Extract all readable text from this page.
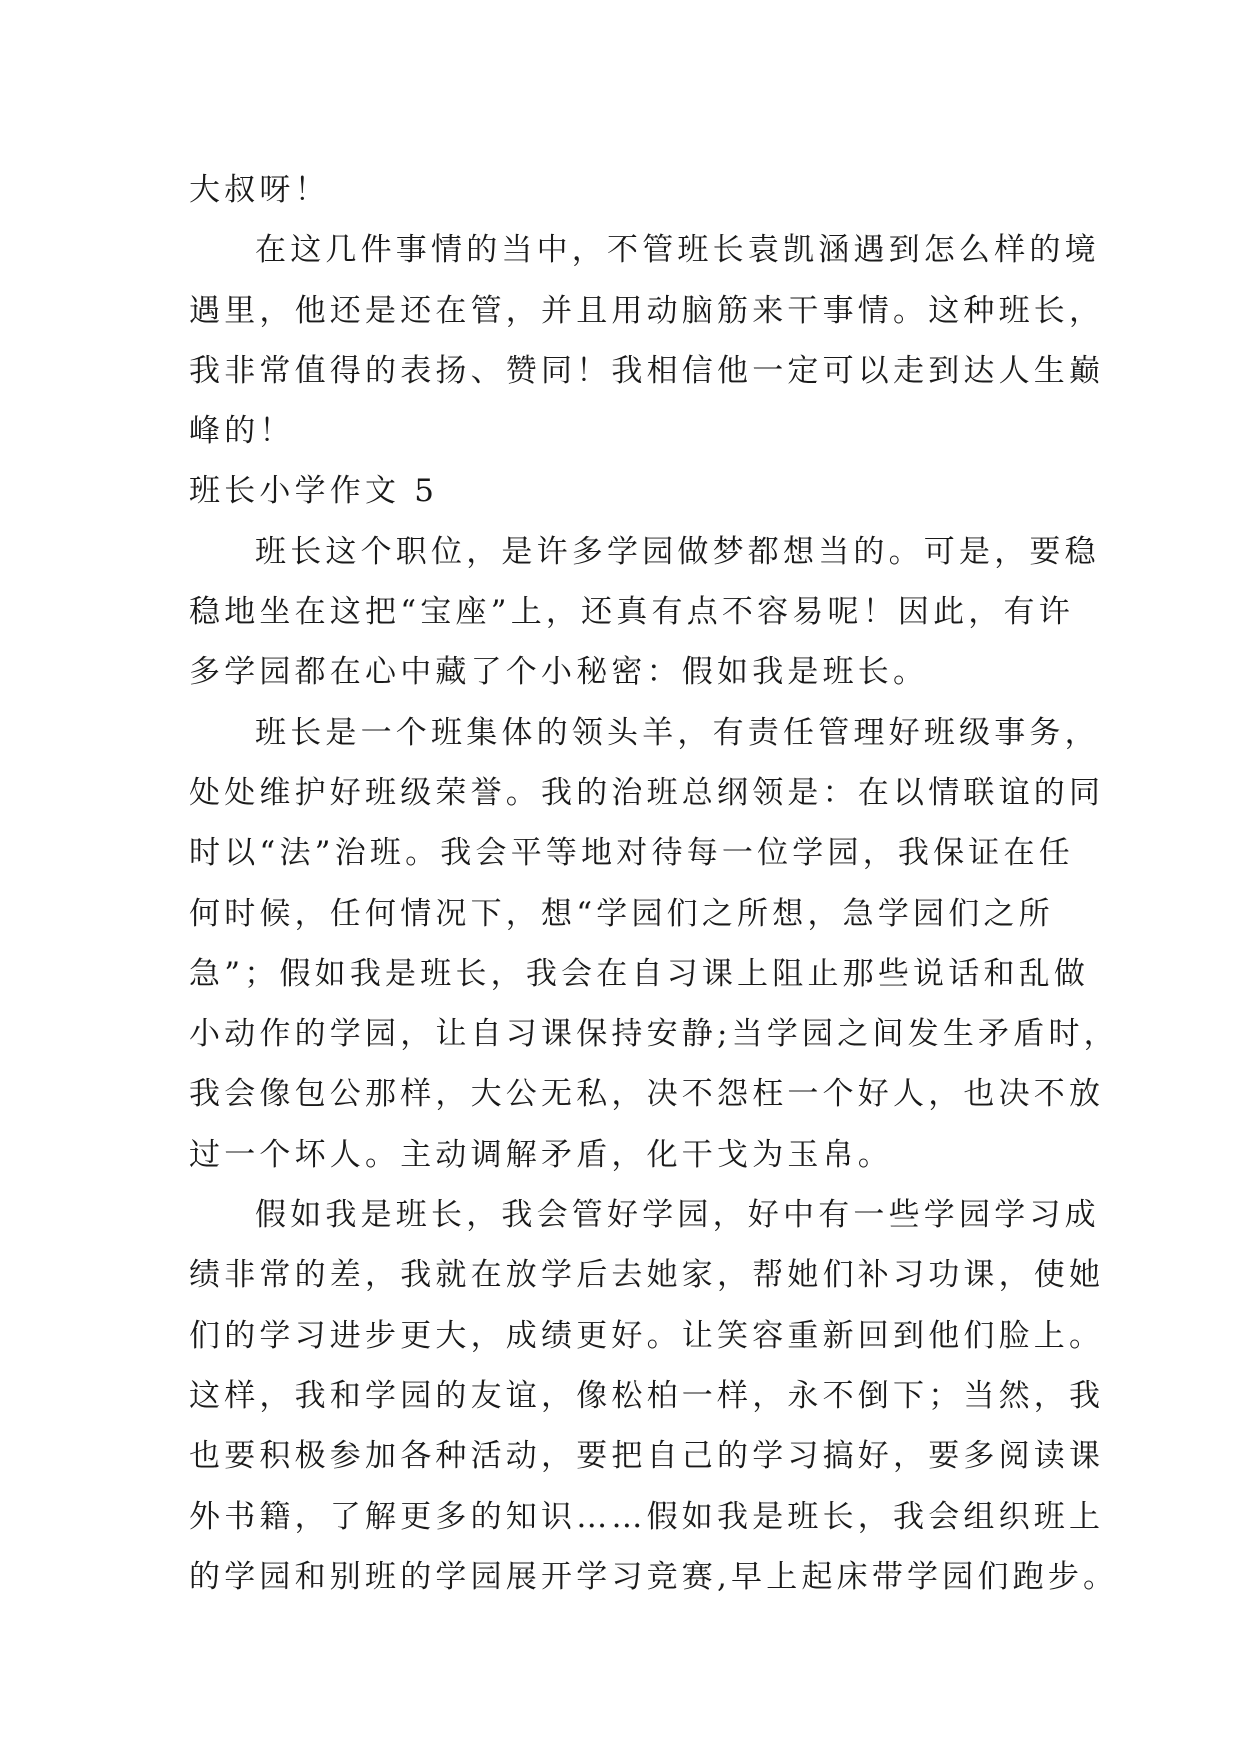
大叔呀！
在这几件事情的当中，不管班长袁凯涵遇到怎么样的境
遇里，他还是还在管，并且用动脑筋来干事情。这种班长，
我非常值得的表扬、赞同！我相信他一定可以走到达人生巅
峰的！
班长小学作文 5
班长这个职位，是许多学园做梦都想当的。可是，要稳
稳地坐在这把“宝座”上，还真有点不容易呢！因此，有许
多学园都在心中藏了个小秘密：假如我是班长。
班长是一个班集体的领头羊，有责任管理好班级事务，
处处维护好班级荣誉。我的治班总纲领是：在以情联谊的同
时以“法”治班。我会平等地对待每一位学园，我保证在任
何时候，任何情况下，想“学园们之所想，急学园们之所
急”；假如我是班长，我会在自习课上阻止那些说话和乱做
小动作的学园，让自习课保持安静;当学园之间发生矛盾时，
我会像包公那样，大公无私，决不怨枉一个好人，也决不放
过一个坏人。主动调解矛盾，化干戈为玉帛。
假如我是班长，我会管好学园，好中有一些学园学习成
绩非常的差，我就在放学后去她家，帮她们补习功课，使她
们的学习进步更大，成绩更好。让笑容重新回到他们脸上。
这样，我和学园的友谊，像松柏一样，永不倒下；当然，我
也要积极参加各种活动，要把自己的学习搞好，要多阅读课
外书籍，了解更多的知识……假如我是班长，我会组织班上
的学园和别班的学园展开学习竞赛,早上起床带学园们跑步。
